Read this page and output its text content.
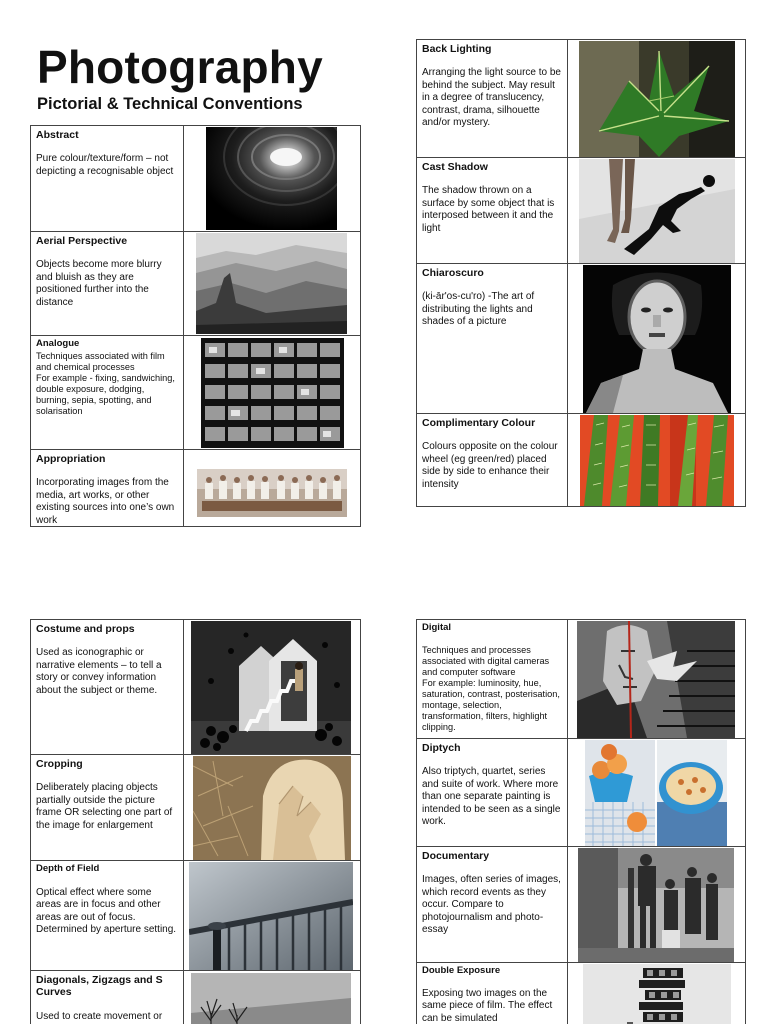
Photography
Pictorial & Technical Conventions
Abstract
Pure colour/texture/form – not depicting a recognisable object
Aerial Perspective
Objects become more blurry and bluish as they are positioned further into the distance
Analogue
Techniques associated with film and chemical processes
For example - fixing, sandwiching, double exposure, dodging, burning, sepia, spotting, and solarisation
Appropriation
Incorporating images from the media, art works, or other existing sources into one’s own work
Back Lighting
Arranging the light source to be behind the subject. May result in a degree of translucency, contrast, drama, silhouette and/or mystery.
Cast Shadow
The shadow thrown on a surface by some object that is interposed between it and the light
Chiaroscuro
(ki-ār'os-cu'ro) -The art of distributing the lights and shades of a picture
Complimentary Colour
Colours opposite on the colour wheel (eg green/red) placed side by side to enhance their intensity
Costume and props
Used as iconographic or narrative elements – to tell a story or convey information about the subject or theme.
Cropping
Deliberately placing objects partially outside the picture frame OR selecting one part of the image for enlargement
Depth of Field
Optical effect where some areas are in focus and other areas are out of focus. Determined by aperture setting.
Diagonals, Zigzags and S Curves
Used to create movement or
Digital
Techniques and processes associated with digital cameras and computer software
For example: luminosity, hue, saturation, contrast, posterisation, montage, selection, transformation, filters, highlight clipping.
Diptych
Also triptych, quartet, series and suite of work. Where more than one separate painting is intended to be seen as a single work.
Documentary
Images, often series of images, which record events as they occur. Compare to photojournalism and photo-essay
Double Exposure
Exposing two images on the same piece of film. The effect can be simulated
